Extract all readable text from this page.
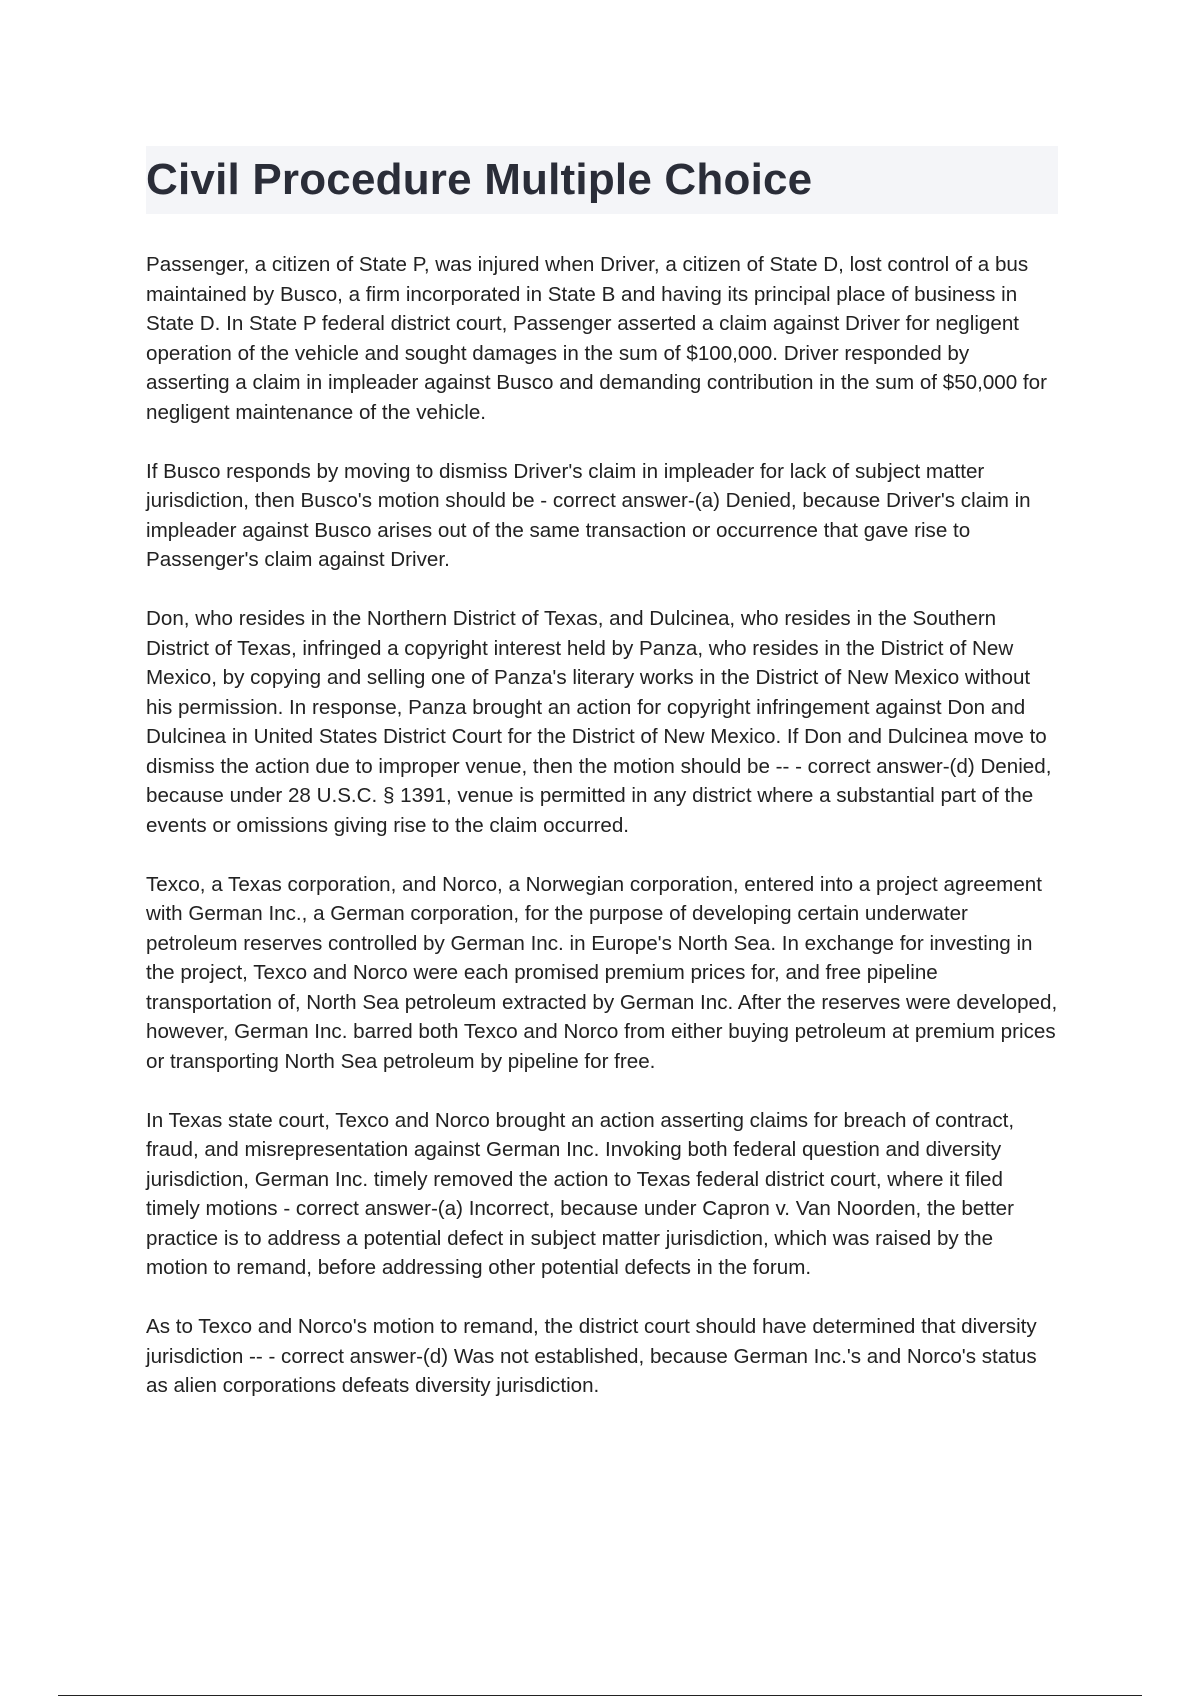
Civil Procedure Multiple Choice

Passenger, a citizen of State P, was injured when Driver, a citizen of State D, lost control of a bus maintained by Busco, a firm incorporated in State B and having its principal place of business in State D. In State P federal district court, Passenger asserted a claim against Driver for negligent operation of the vehicle and sought damages in the sum of $100,000. Driver responded by asserting a claim in impleader against Busco and demanding contribution in the sum of $50,000 for negligent maintenance of the vehicle.

If Busco responds by moving to dismiss Driver's claim in impleader for lack of subject matter jurisdiction, then Busco's motion should be - correct answer-(a) Denied, because Driver's claim in impleader against Busco arises out of the same transaction or occurrence that gave rise to Passenger's claim against Driver.

Don, who resides in the Northern District of Texas, and Dulcinea, who resides in the Southern District of Texas, infringed a copyright interest held by Panza, who resides in the District of New Mexico, by copying and selling one of Panza's literary works in the District of New Mexico without his permission. In response, Panza brought an action for copyright infringement against Don and Dulcinea in United States District Court for the District of New Mexico. If Don and Dulcinea move to dismiss the action due to improper venue, then the motion should be -- - correct answer-(d) Denied, because under 28 U.S.C. § 1391, venue is permitted in any district where a substantial part of the events or omissions giving rise to the claim occurred.

Texco, a Texas corporation, and Norco, a Norwegian corporation, entered into a project agreement with German Inc., a German corporation, for the purpose of developing certain underwater petroleum reserves controlled by German Inc. in Europe's North Sea. In exchange for investing in the project, Texco and Norco were each promised premium prices for, and free pipeline transportation of, North Sea petroleum extracted by German Inc. After the reserves were developed, however, German Inc. barred both Texco and Norco from either buying petroleum at premium prices or transporting North Sea petroleum by pipeline for free.

In Texas state court, Texco and Norco brought an action asserting claims for breach of contract, fraud, and misrepresentation against German Inc. Invoking both federal question and diversity jurisdiction, German Inc. timely removed the action to Texas federal district court, where it filed timely motions - correct answer-(a) Incorrect, because under Capron v. Van Noorden, the better practice is to address a potential defect in subject matter jurisdiction, which was raised by the motion to remand, before addressing other potential defects in the forum.

As to Texco and Norco's motion to remand, the district court should have determined that diversity jurisdiction -- - correct answer-(d) Was not established, because German Inc.'s and Norco's status as alien corporations defeats diversity jurisdiction.
